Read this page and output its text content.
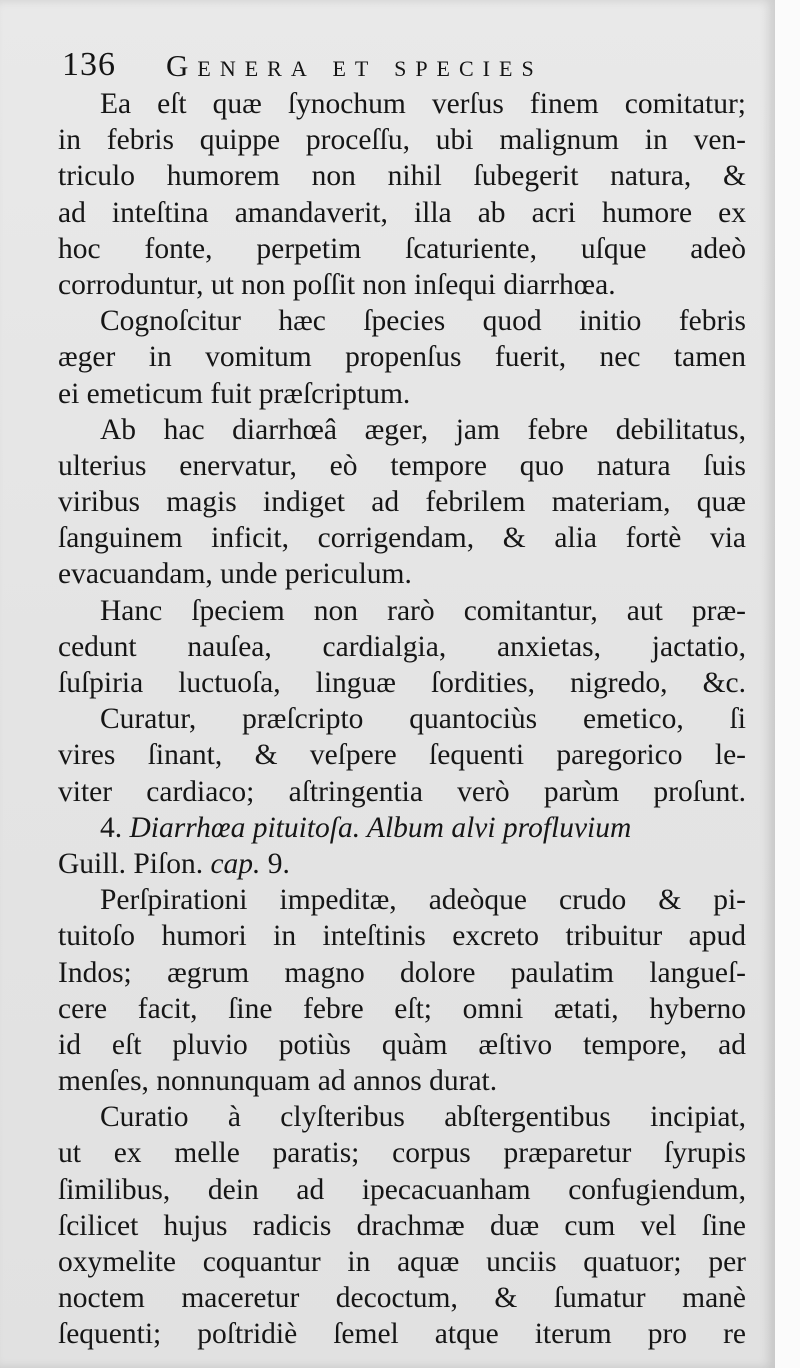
136 Genera et species
Ea eſt quæ ſynochum verſus finem comitatur;
in febris quippe proceſſu, ubi malignum in ven-
triculo humorem non nihil ſubegerit natura, &
ad inteſtina amandaverit, illa ab acri humore ex
hoc fonte, perpetim ſcaturiente, uſque adeò
corroduntur, ut non poſſit non inſequi diarrhœa.
Cognoſcitur hæc ſpecies quod initio febris
æger in vomitum propenſus fuerit, nec tamen
ei emeticum fuit præſcriptum.
Ab hac diarrhœâ æger, jam febre debilitatus,
ulterius enervatur, eò tempore quo natura ſuis
viribus magis indiget ad febrilem materiam, quæ
ſanguinem inficit, corrigendam, & alia fortè via
evacuandam, unde periculum.
Hanc ſpeciem non rarò comitantur, aut præ-
cedunt nauſea, cardialgia, anxietas, jactatio,
ſuſpiria luctuoſa, linguæ ſordities, nigredo, &c.
Curatur, præſcripto quantociùs emetico, ſi
vires ſinant, & veſpere ſequenti paregorico le-
viter cardiaco; aſtringentia verò parùm proſunt.
4. Diarrhœa pituitoſa. Album alvi profluvium
Guill. Piſon. cap. 9.
Perſpirationi impeditæ, adeòque crudo & pi-
tuitoſo humori in inteſtinis excreto tribuitur apud
Indos; ægrum magno dolore paulatim langueſ-
cere facit, ſine febre eſt; omni ætati, hyberno
id eſt pluvio potiùs quàm æſtivo tempore, ad
menſes, nonnunquam ad annos durat.
Curatio à clyſteribus abſtergentibus incipiat,
ut ex melle paratis; corpus præparetur ſyrupis
ſimilibus, dein ad ipecacuanham confugiendum,
ſcilicet hujus radicis drachmæ duæ cum vel ſine
oxymelite coquantur in aquæ unciis quatuor; per
noctem maceretur decoctum, & ſumatur manè
ſequenti; poſtridiè ſemel atque iterum pro re
